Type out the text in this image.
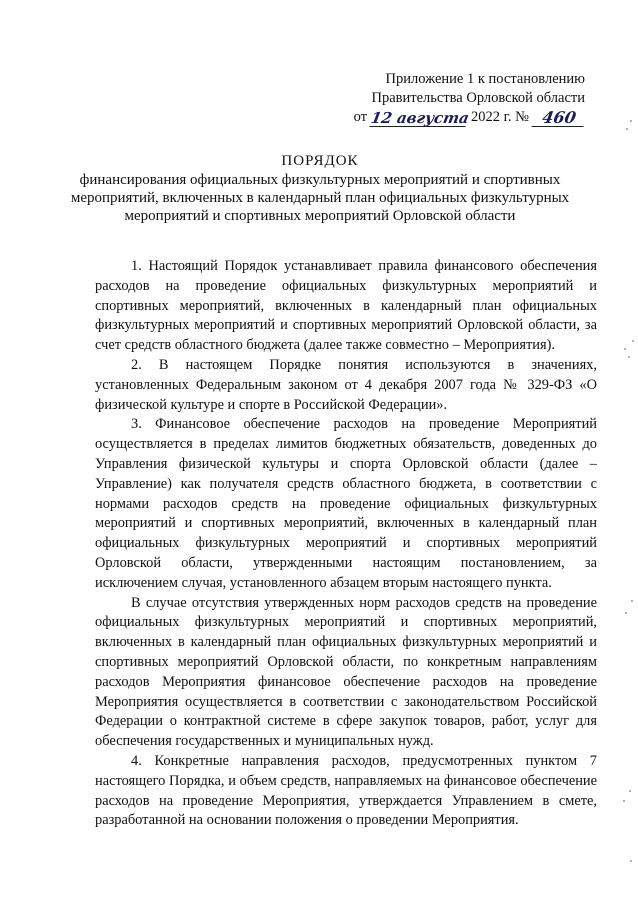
Приложение 1 к постановлению
Правительства Орловской области
от 12 августа 2022 г. № 460
ПОРЯДОК
финансирования официальных физкультурных мероприятий и спортивных мероприятий, включенных в календарный план официальных физкультурных мероприятий и спортивных мероприятий Орловской области

1. Настоящий Порядок устанавливает правила финансового обеспечения расходов на проведение официальных физкультурных мероприятий и спортивных мероприятий, включенных в календарный план официальных физкультурных мероприятий и спортивных мероприятий Орловской области, за счет средств областного бюджета (далее также совместно – Мероприятия).

2. В настоящем Порядке понятия используются в значениях, установленных Федеральным законом от 4 декабря 2007 года № 329-ФЗ «О физической культуре и спорте в Российской Федерации».

3. Финансовое обеспечение расходов на проведение Мероприятий осуществляется в пределах лимитов бюджетных обязательств, доведенных до Управления физической культуры и спорта Орловской области (далее – Управление) как получателя средств областного бюджета, в соответствии с нормами расходов средств на проведение официальных физкультурных мероприятий и спортивных мероприятий, включенных в календарный план официальных физкультурных мероприятий и спортивных мероприятий Орловской области, утвержденными настоящим постановлением, за исключением случая, установленного абзацем вторым настоящего пункта.

В случае отсутствия утвержденных норм расходов средств на проведение официальных физкультурных мероприятий и спортивных мероприятий, включенных в календарный план официальных физкультурных мероприятий и спортивных мероприятий Орловской области, по конкретным направлениям расходов Мероприятия финансовое обеспечение расходов на проведение Мероприятия осуществляется в соответствии с законодательством Российской Федерации о контрактной системе в сфере закупок товаров, работ, услуг для обеспечения государственных и муниципальных нужд.

4. Конкретные направления расходов, предусмотренных пунктом 7 настоящего Порядка, и объем средств, направляемых на финансовое обеспечение расходов на проведение Мероприятия, утверждается Управлением в смете, разработанной на основании положения о проведении Мероприятия.
